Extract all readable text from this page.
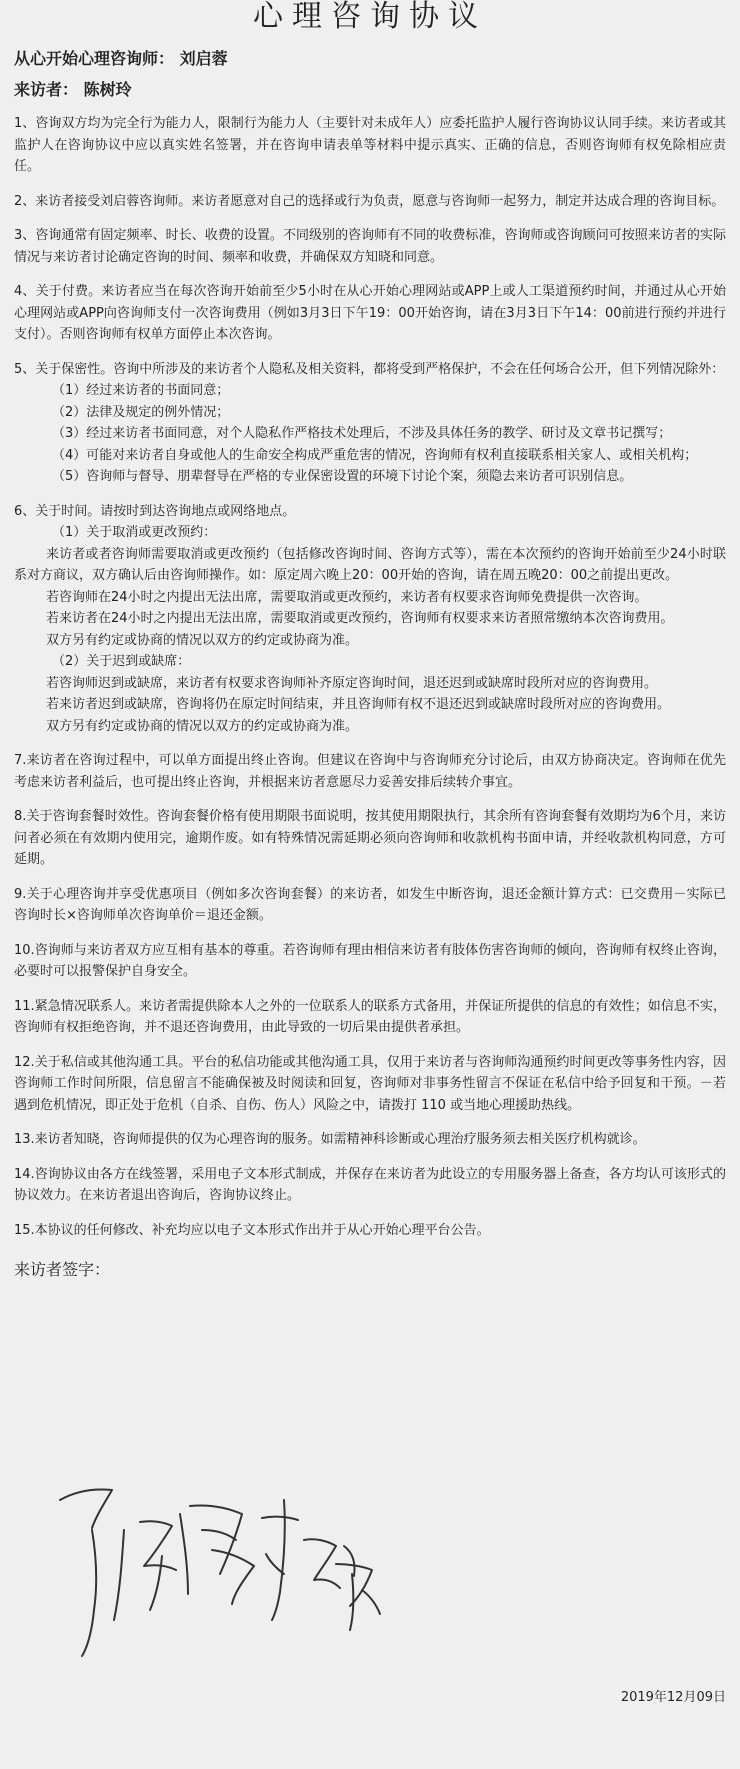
心理咨询协议

从心开始心理咨询师： 刘启蓉

来访者： 陈树玲

1、咨询双方均为完全行为能力人，限制行为能力人（主要针对未成年人）应委托监护人履行咨询协议认同手续。来访者或其监护人在咨询协议中应以真实姓名签署，并在咨询申请表单等材料中提示真实、正确的信息，否则咨询师有权免除相应责任。

2、来访者接受刘启蓉咨询师。来访者愿意对自己的选择或行为负责，愿意与咨询师一起努力，制定并达成合理的咨询目标。

3、咨询通常有固定频率、时长、收费的设置。不同级别的咨询师有不同的收费标准，咨询师或咨询顾问可按照来访者的实际情况与来访者讨论确定咨询的时间、频率和收费，并确保双方知晓和同意。

4、关于付费。来访者应当在每次咨询开始前至少5小时在从心开始心理网站或APP上或人工渠道预约时间，并通过从心开始心理网站或APP向咨询师支付一次咨询费用（例如3月3日下午19：00开始咨询，请在3月3日下午14：00前进行预约并进行支付）。否则咨询师有权单方面停止本次咨询。

5、关于保密性。咨询中所涉及的来访者个人隐私及相关资料，都将受到严格保护，不会在任何场合公开，但下列情况除外：

（1）经过来访者的书面同意；

（2）法律及规定的例外情况；

（3）经过来访者书面同意，对个人隐私作严格技术处理后，不涉及具体任务的教学、研讨及文章书记撰写；

（4）可能对来访者自身或他人的生命安全构成严重危害的情况，咨询师有权利直接联系相关家人、或相关机构；

（5）咨询师与督导、朋辈督导在严格的专业保密设置的环境下讨论个案，须隐去来访者可识别信息。

6、关于时间。请按时到达咨询地点或网络地点。

（1）关于取消或更改预约：

来访者或者咨询师需要取消或更改预约（包括修改咨询时间、咨询方式等），需在本次预约的咨询开始前至少24小时联系对方商议，双方确认后由咨询师操作。如：原定周六晚上20：00开始的咨询，请在周五晚20：00之前提出更改。

若咨询师在24小时之内提出无法出席，需要取消或更改预约，来访者有权要求咨询师免费提供一次咨询。

若来访者在24小时之内提出无法出席，需要取消或更改预约，咨询师有权要求来访者照常缴纳本次咨询费用。

双方另有约定或协商的情况以双方的约定或协商为准。

（2）关于迟到或缺席：

若咨询师迟到或缺席，来访者有权要求咨询师补齐原定咨询时间，退还迟到或缺席时段所对应的咨询费用。

若来访者迟到或缺席，咨询将仍在原定时间结束，并且咨询师有权不退还迟到或缺席时段所对应的咨询费用。

双方另有约定或协商的情况以双方的约定或协商为准。

7.来访者在咨询过程中，可以单方面提出终止咨询。但建议在咨询中与咨询师充分讨论后，由双方协商决定。咨询师在优先考虑来访者利益后，也可提出终止咨询，并根据来访者意愿尽力妥善安排后续转介事宜。

8.关于咨询套餐时效性。咨询套餐价格有使用期限书面说明，按其使用期限执行，其余所有咨询套餐有效期均为6个月，来访问者必须在有效期内使用完，逾期作废。如有特殊情况需延期必须向咨询师和收款机构书面申请，并经收款机构同意，方可延期。

9.关于心理咨询并享受优惠项目（例如多次咨询套餐）的来访者，如发生中断咨询，退还金额计算方式：已交费用－实际已咨询时长×咨询师单次咨询单价＝退还金额。

10.咨询师与来访者双方应互相有基本的尊重。若咨询师有理由相信来访者有肢体伤害咨询师的倾向，咨询师有权终止咨询，必要时可以报警保护自身安全。

11.紧急情况联系人。来访者需提供除本人之外的一位联系人的联系方式备用，并保证所提供的信息的有效性；如信息不实，咨询师有权拒绝咨询，并不退还咨询费用，由此导致的一切后果由提供者承担。

12.关于私信或其他沟通工具。平台的私信功能或其他沟通工具，仅用于来访者与咨询师沟通预约时间更改等事务性内容，因咨询师工作时间所限，信息留言不能确保被及时阅读和回复，咨询师对非事务性留言不保证在私信中给予回复和干预。－若遇到危机情况，即正处于危机（自杀、自伤、伤人）风险之中，请拨打 110 或当地心理援助热线。

13.来访者知晓，咨询师提供的仅为心理咨询的服务。如需精神科诊断或心理治疗服务须去相关医疗机构就诊。

14.咨询协议由各方在线签署，采用电子文本形式制成，并保存在来访者为此设立的专用服务器上备查，各方均认可该形式的协议效力。在来访者退出咨询后，咨询协议终止。

15.本协议的任何修改、补充均应以电子文本形式作出并于从心开始心理平台公告。

来访者签字：

2019年12月09日
